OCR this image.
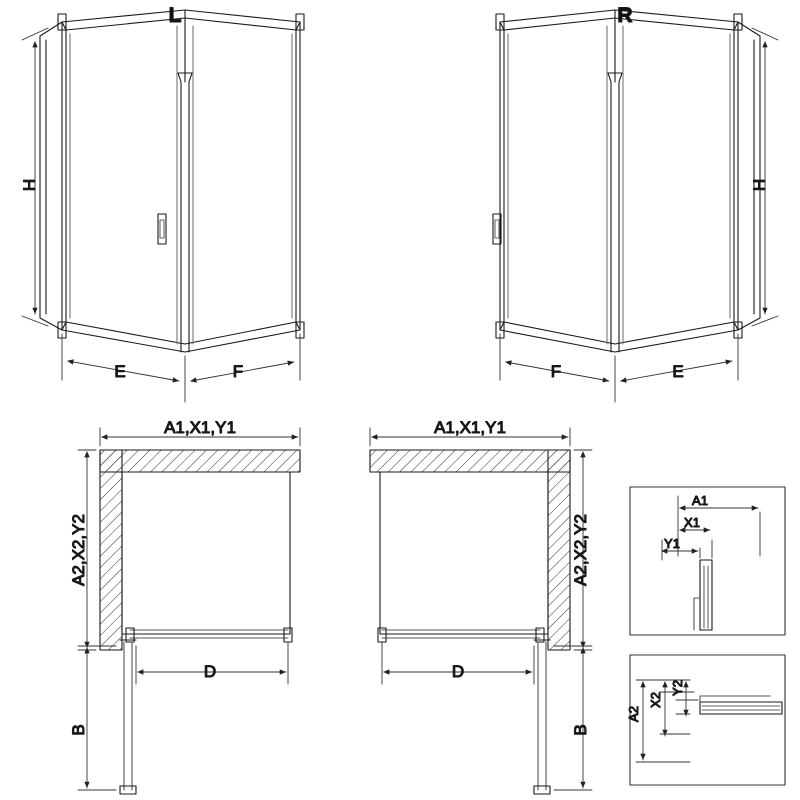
H
E	F
L
H
F	E
R
A1,X1,Y1
A2,X2,Y2
D
B
A1,X1,Y1
A2,X2,Y2
D
B
A1
X1
Y1
A2
X2
Y2
